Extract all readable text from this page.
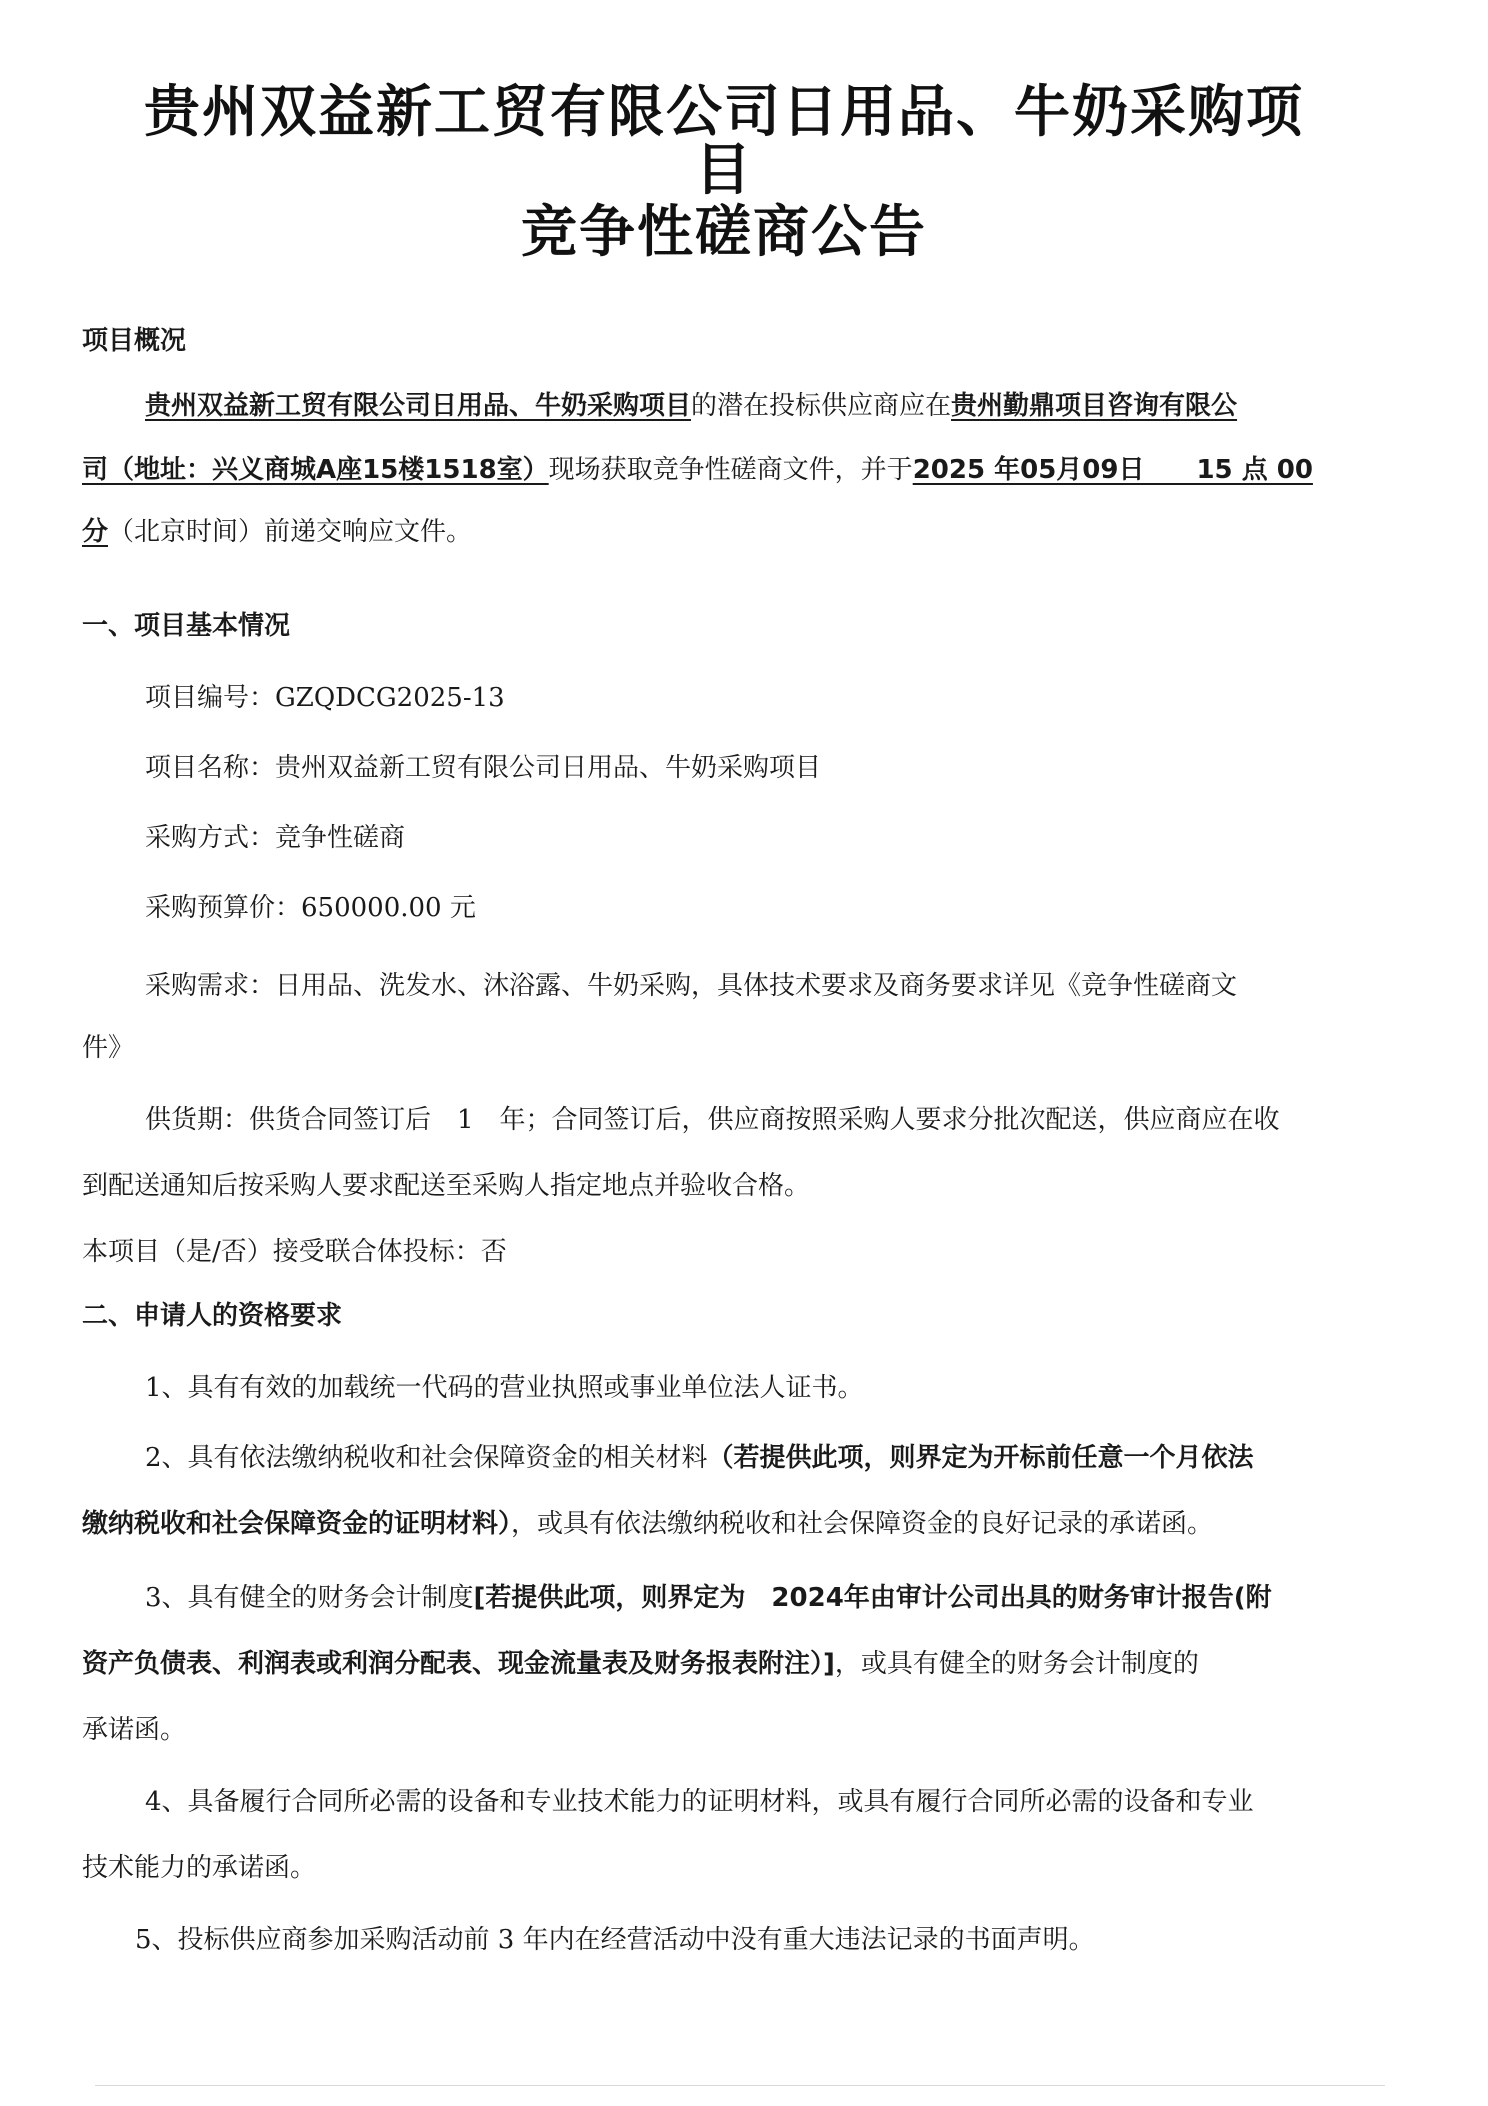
贵州双益新工贸有限公司日用品、牛奶采购项
目
竞争性磋商公告
项目概况
贵州双益新工贸有限公司日用品、牛奶采购项目的潜在投标供应商应在贵州勤鼎项目咨询有限公
司（地址：兴义商城A座15楼1518室）现场获取竞争性磋商文件，并于2025 年05月09日　　15 点 00
分（北京时间）前递交响应文件。
一、项目基本情况
项目编号：GZQDCG2025-13
项目名称：贵州双益新工贸有限公司日用品、牛奶采购项目
采购方式：竞争性磋商
采购预算价：650000.00 元
采购需求：日用品、洗发水、沐浴露、牛奶采购，具体技术要求及商务要求详见《竞争性磋商文
件》
供货期：供货合同签订后　1　年；合同签订后，供应商按照采购人要求分批次配送，供应商应在收
到配送通知后按采购人要求配送至采购人指定地点并验收合格。
本项目（是/否）接受联合体投标：否
二、申请人的资格要求
1、具有有效的加载统一代码的营业执照或事业单位法人证书。
2、具有依法缴纳税收和社会保障资金的相关材料（若提供此项，则界定为开标前任意一个月依法
缴纳税收和社会保障资金的证明材料），或具有依法缴纳税收和社会保障资金的良好记录的承诺函。
3、具有健全的财务会计制度[若提供此项，则界定为　2024年由审计公司出具的财务审计报告(附
资产负债表、利润表或利润分配表、现金流量表及财务报表附注）]，或具有健全的财务会计制度的
承诺函。
4、具备履行合同所必需的设备和专业技术能力的证明材料，或具有履行合同所必需的设备和专业
技术能力的承诺函。
5、投标供应商参加采购活动前 3 年内在经营活动中没有重大违法记录的书面声明。
